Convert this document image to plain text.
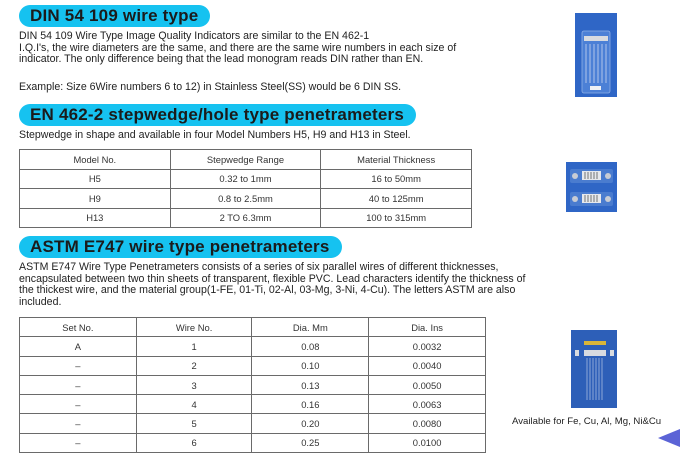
DIN 54 109 wire type
DIN 54 109 Wire Type Image Quality Indicators are similar to the EN 462-1
I.Q.I's, the wire diameters are the same, and there are the same wire numbers in each size of
indicator. The only difference being that the lead monogram reads DIN rather than EN.
Example: Size 6Wire numbers 6 to 12) in Stainless Steel(SS) would be 6 DIN SS.
EN 462-2 stepwedge/hole type penetrameters
Stepwedge in shape and available in four Model Numbers H5, H9 and H13 in Steel.
Model No.	Stepwedge Range	Material Thickness
H5	0.32 to 1mm	16 to 50mm
H9	0.8 to 2.5mm	40 to 125mm
H13	2 TO 6.3mm	100 to 315mm
ASTM E747 wire type penetrameters
ASTM E747 Wire Type Penetrameters consists of a series of six parallel wires of different thicknesses,
encapsulated between two thin sheets of transparent, flexible PVC. Lead characters identify the thickness of
the thickest wire, and the material group(1-FE, 01-Ti, 02-Al, 03-Mg, 3-Ni, 4-Cu). The letters ASTM are also
included.
Set No.	Wire No.	Dia. Mm	Dia. Ins
A	1	0.08	0.0032
–	2	0.10	0.0040
–	3	0.13	0.0050
–	4	0.16	0.0063
–	5	0.20	0.0080
–	6	0.25	0.0100
Available for Fe, Cu, Al, Mg, Ni&Cu
